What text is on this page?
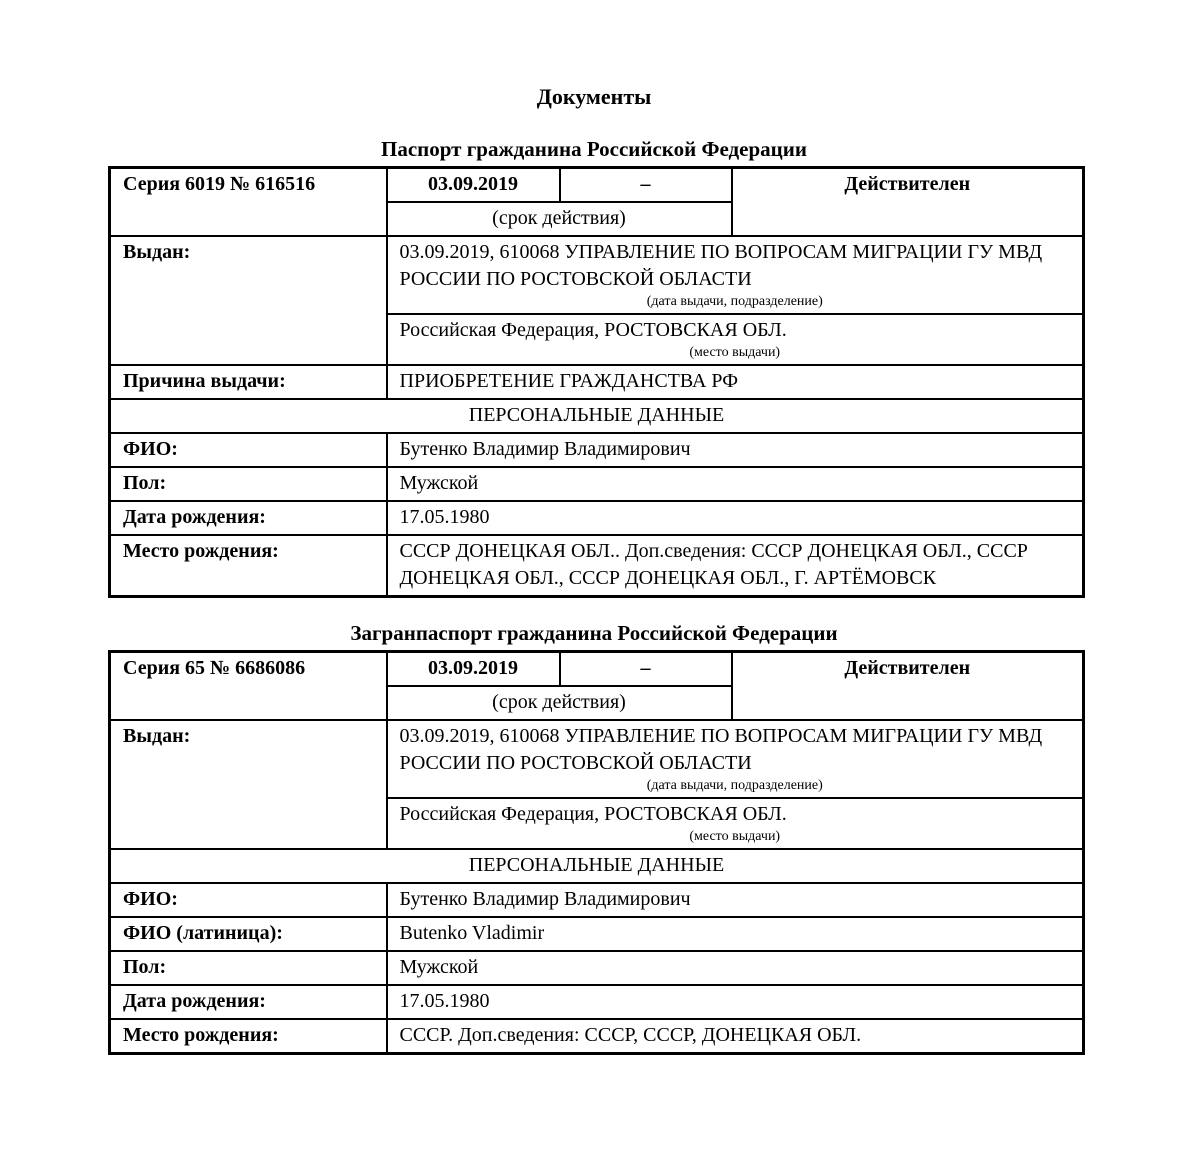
Документы
Паспорт гражданина Российской Федерации
Серия 6019 № 616516	03.09.2019	–	Действителен
	(срок действия)		
Выдан:	03.09.2019, 610068 УПРАВЛЕНИЕ ПО ВОПРОСАМ МИГРАЦИИ ГУ МВД РОССИИ ПО РОСТОВСКОЙ ОБЛАСТИ
(дата выдачи, подразделение)		

	Российская Федерация, РОСТОВСКАЯ ОБЛ.
(место выдачи)		

Причина выдачи:	ПРИОБРЕТЕНИЕ ГРАЖДАНСТВА РФ		
ПЕРСОНАЛЬНЫЕ ДАННЫЕ			
ФИО:	Бутенко Владимир Владимирович		
Пол:	Мужской		
Дата рождения:	17.05.1980		
Место рождения:	СССР ДОНЕЦКАЯ ОБЛ.. Доп.сведения: СССР ДОНЕЦКАЯ ОБЛ., СССР ДОНЕЦКАЯ ОБЛ., СССР ДОНЕЦКАЯ ОБЛ., Г. АРТЁМОВСК		
Загранпаспорт гражданина Российской Федерации
Серия 65 № 6686086	03.09.2019	–	Действителен
	(срок действия)		
Выдан:	03.09.2019, 610068 УПРАВЛЕНИЕ ПО ВОПРОСАМ МИГРАЦИИ ГУ МВД РОССИИ ПО РОСТОВСКОЙ ОБЛАСТИ
(дата выдачи, подразделение)		

	Российская Федерация, РОСТОВСКАЯ ОБЛ.
(место выдачи)		

ПЕРСОНАЛЬНЫЕ ДАННЫЕ			
ФИО:	Бутенко Владимир Владимирович		
ФИО (латиница):	Butenko Vladimir		
Пол:	Мужской		
Дата рождения:	17.05.1980		
Место рождения:	СССР. Доп.сведения: СССР, СССР, ДОНЕЦКАЯ ОБЛ.		
